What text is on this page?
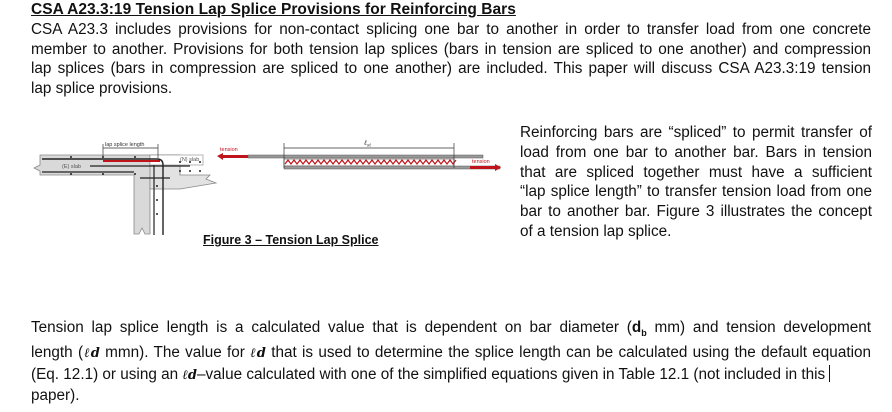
CSA A23.3:19 Tension Lap Splice Provisions for Reinforcing Bars
CSA A23.3 includes provisions for non-contact splicing one bar to another in order to transfer load from one concrete
member to another. Provisions for both tension lap splices (bars in tension are spliced to one another) and compression
lap splices (bars in compression are spliced to one another) are included. This paper will discuss CSA A23.3:19 tension
lap splice provisions.
lap splice length
(E) slab
(N) slab
tension
tension
ℓ$_{st}$
Figure 3 – Tension Lap Splice
Reinforcing bars are “spliced” to permit transfer of
load from one bar to another bar. Bars in tension
that are spliced together must have a sufficient
“lap splice length” to transfer tension load from one
bar to another bar. Figure 3 illustrates the concept
of a tension lap splice.
Tension lap splice length is a calculated value that is dependent on bar diameter ($d_b$ mm) and tension development
length (ℓd mmn). The value for ℓd that is used to determine the splice length can be calculated using the default equation
(Eq. 12.1) or using an ℓd–value calculated with one of the simplified equations given in Table 12.1 (not included in this
paper).
